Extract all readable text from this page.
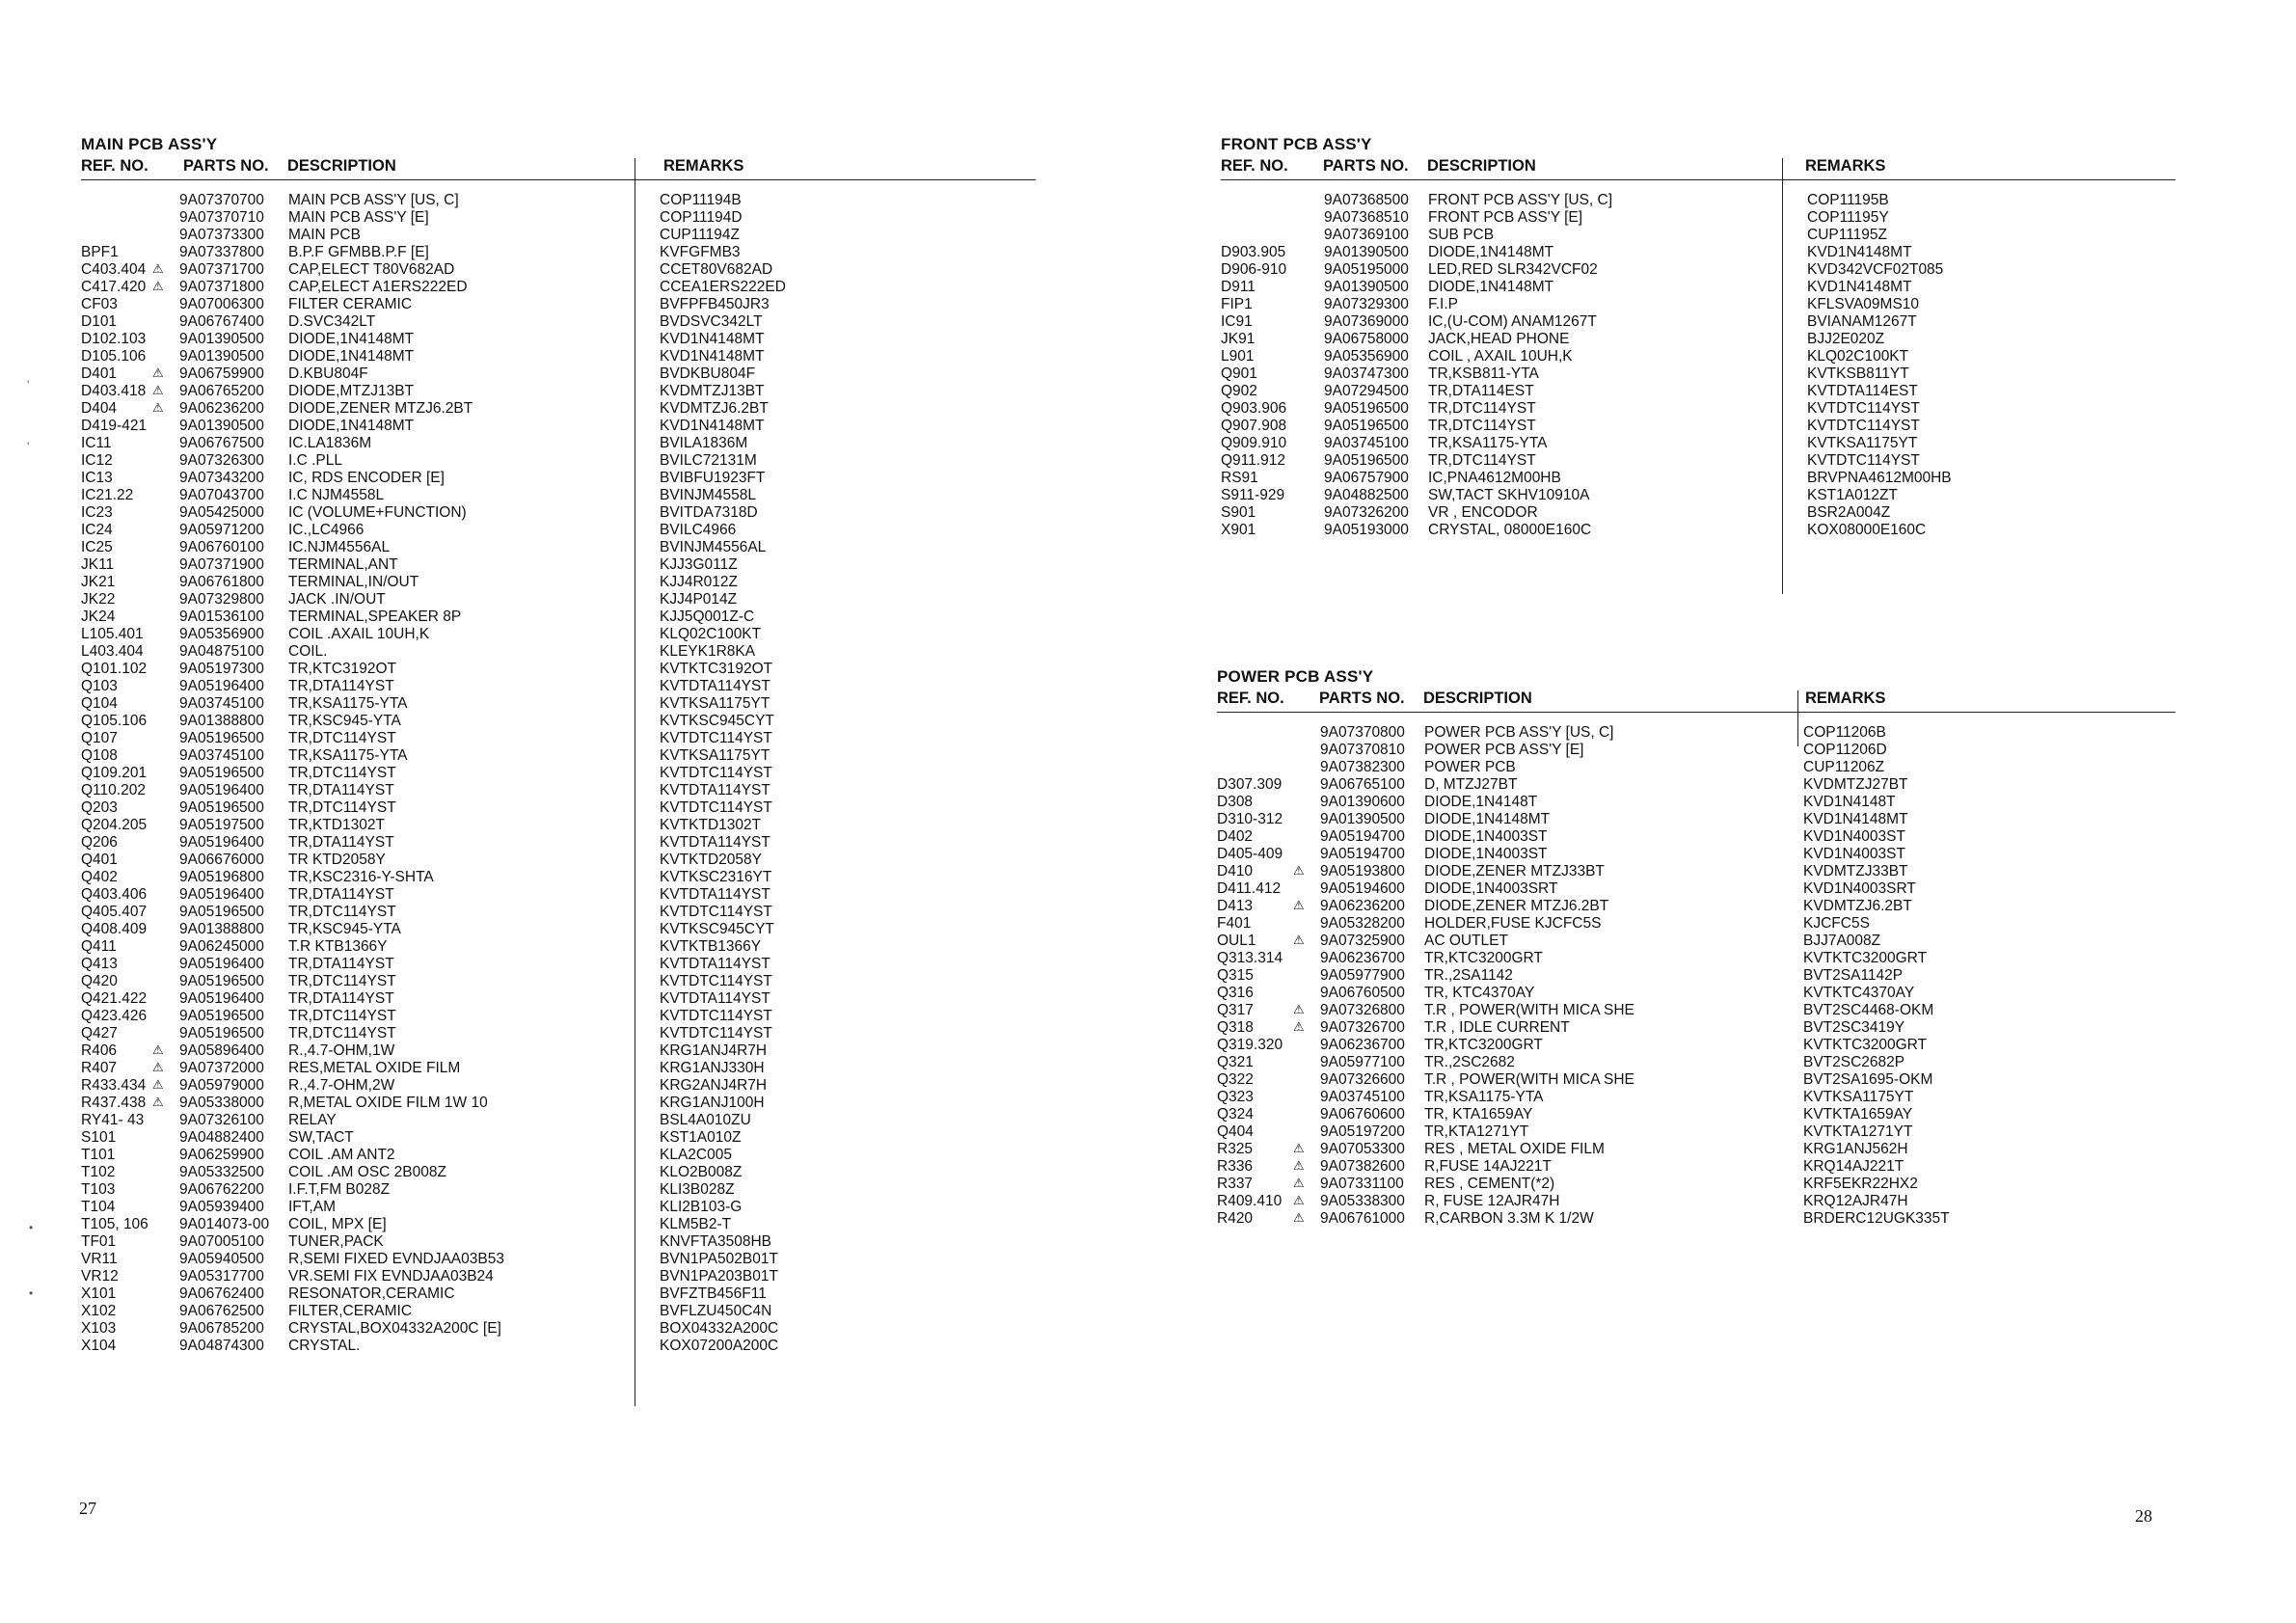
MAIN PCB ASS'Y
REF. NO. PARTS NO. DESCRIPTION	REMARKS
9A07370700 MAIN PCB ASS'Y [US, C]	COP11194B
9A07370710 MAIN PCB ASS'Y [E]	COP11194D
9A07373300 MAIN PCB	CUP11194Z
BPF1	9A07337800 B.P.F GFMBB.P.F [E]	KVFGFMB3
C403.404 ⚠ 9A07371700 CAP,ELECT T80V682AD	CCET80V682AD
C417.420 ⚠ 9A07371800 CAP,ELECT A1ERS222ED	CCEA1ERS222ED
CF03	9A07006300 FILTER CERAMIC	BVFPFB450JR3
D101	9A06767400 D.SVC342LT	BVDSVC342LT
D102.103 9A01390500 DIODE,1N4148MT	KVD1N4148MT
D105.106 9A01390500 DIODE,1N4148MT	KVD1N4148MT
D401	⚠ 9A06759900 D.KBU804F	BVDKBU804F
D403.418 ⚠ 9A06765200 DIODE,MTZJ13BT	KVDMTZJ13BT
D404	⚠ 9A06236200 DIODE,ZENER MTZJ6.2BT	KVDMTZJ6.2BT
D419-421 9A01390500 DIODE,1N4148MT	KVD1N4148MT
IC11	9A06767500 IC.LA1836M	BVILA1836M
IC12	9A07326300 I.C .PLL	BVILC72131M
IC13	9A07343200 IC, RDS ENCODER [E]	BVIBFU1923FT
IC21.22	9A07043700 I.C NJM4558L	BVINJM4558L
IC23	9A05425000 IC (VOLUME+FUNCTION)	BVITDA7318D
IC24	9A05971200 IC.,LC4966	BVILC4966
IC25	9A06760100 IC.NJM4556AL	BVINJM4556AL
JK11	9A07371900 TERMINAL,ANT	KJJ3G011Z
JK21	9A06761800 TERMINAL,IN/OUT	KJJ4R012Z
JK22	9A07329800 JACK .IN/OUT	KJJ4P014Z
JK24	9A01536100 TERMINAL,SPEAKER 8P	KJJ5Q001Z-C
L105.401 9A05356900 COIL .AXAIL 10UH,K	KLQ02C100KT
L403.404 9A04875100 COIL.	KLEYK1R8KA
Q101.102 9A05197300 TR,KTC3192OT	KVTKTC3192OT
Q103	9A05196400 TR,DTA114YST	KVTDTA114YST
Q104	9A03745100 TR,KSA1175-YTA	KVTKSA1175YT
Q105.106 9A01388800 TR,KSC945-YTA	KVTKSC945CYT
Q107	9A05196500 TR,DTC114YST	KVTDTC114YST
Q108	9A03745100 TR,KSA1175-YTA	KVTKSA1175YT
Q109.201 9A05196500 TR,DTC114YST	KVTDTC114YST
Q110.202 9A05196400 TR,DTA114YST	KVTDTA114YST
Q203	9A05196500 TR,DTC114YST	KVTDTC114YST
Q204.205 9A05197500 TR,KTD1302T	KVTKTD1302T
Q206	9A05196400 TR,DTA114YST	KVTDTA114YST
Q401	9A06676000 TR KTD2058Y	KVTKTD2058Y
Q402	9A05196800 TR,KSC2316-Y-SHTA	KVTKSC2316YT
Q403.406 9A05196400 TR,DTA114YST	KVTDTA114YST
Q405.407 9A05196500 TR,DTC114YST	KVTDTC114YST
Q408.409 9A01388800 TR,KSC945-YTA	KVTKSC945CYT
Q411	9A06245000 T.R KTB1366Y	KVTKTB1366Y
Q413	9A05196400 TR,DTA114YST	KVTDTA114YST
Q420	9A05196500 TR,DTC114YST	KVTDTC114YST
Q421.422 9A05196400 TR,DTA114YST	KVTDTA114YST
Q423.426 9A05196500 TR,DTC114YST	KVTDTC114YST
Q427	9A05196500 TR,DTC114YST	KVTDTC114YST
R406	⚠ 9A05896400 R.,4.7-OHM,1W	KRG1ANJ4R7H
R407	⚠ 9A07372000 RES,METAL OXIDE FILM	KRG1ANJ330H
R433.434 ⚠ 9A05979000 R.,4.7-OHM,2W	KRG2ANJ4R7H
R437.438 ⚠ 9A05338000 R,METAL OXIDE FILM 1W 10	KRG1ANJ100H
RY41- 43 9A07326100 RELAY	BSL4A010ZU
S101	9A04882400 SW,TACT	KST1A010Z
T101	9A06259900 COIL .AM ANT2	KLA2C005
T102	9A05332500 COIL .AM OSC 2B008Z	KLO2B008Z
T103	9A06762200 I.F.T,FM B028Z	KLI3B028Z
T104	9A05939400 IFT,AM	KLI2B103-G
T105, 106 9A014073-00 COIL, MPX [E]	KLM5B2-T
TF01	9A07005100 TUNER,PACK	KNVFTA3508HB
VR11	9A05940500 R,SEMI FIXED EVNDJAA03B53	BVN1PA502B01T
VR12	9A05317700 VR.SEMI FIX EVNDJAA03B24	BVN1PA203B01T
X101	9A06762400 RESONATOR,CERAMIC	BVFZTB456F11
X102	9A06762500 FILTER,CERAMIC	BVFLZU450C4N
X103	9A06785200 CRYSTAL,BOX04332A200C [E]	BOX04332A200C
X104	9A04874300 CRYSTAL.	KOX07200A200C
FRONT PCB ASS'Y
REF. NO. PARTS NO. DESCRIPTION	REMARKS
9A07368500 FRONT PCB ASS'Y [US, C]	COP11195B
9A07368510 FRONT PCB ASS'Y [E]	COP11195Y
9A07369100 SUB PCB	CUP11195Z
D903.905	9A01390500 DIODE,1N4148MT	KVD1N4148MT
D906-910	9A05195000 LED,RED SLR342VCF02	KVD342VCF02T085
D911	9A01390500 DIODE,1N4148MT	KVD1N4148MT
FIP1	9A07329300 F.I.P	KFLSVA09MS10
IC91	9A07369000 IC,(U-COM) ANAM1267T	BVIANAM1267T
JK91	9A06758000 JACK,HEAD PHONE	BJJ2E020Z
L901	9A05356900 COIL , AXAIL 10UH,K	KLQ02C100KT
Q901	9A03747300 TR,KSB811-YTA	KVTKSB811YT
Q902	9A07294500 TR,DTA114EST	KVTDTA114EST
Q903.906	9A05196500 TR,DTC114YST	KVTDTC114YST
Q907.908	9A05196500 TR,DTC114YST	KVTDTC114YST
Q909.910	9A03745100 TR,KSA1175-YTA	KVTKSA1175YT
Q911.912	9A05196500 TR,DTC114YST	KVTDTC114YST
RS91	9A06757900 IC,PNA4612M00HB	BRVPNA4612M00HB
S911-929	9A04882500 SW,TACT SKHV10910A	KST1A012ZT
S901	9A07326200 VR , ENCODOR	BSR2A004Z
X901	9A05193000 CRYSTAL, 08000E160C	KOX08000E160C
POWER PCB ASS'Y
REF. NO. PARTS NO. DESCRIPTION	REMARKS
9A07370800 POWER PCB ASS'Y [US, C]	COP11206B
9A07370810 POWER PCB ASS'Y [E]	COP11206D
9A07382300 POWER PCB	CUP11206Z
D307.309	9A06765100 D, MTZJ27BT	KVDMTZJ27BT
D308	9A01390600 DIODE,1N4148T	KVD1N4148T
D310-312	9A01390500 DIODE,1N4148MT	KVD1N4148MT
D402	9A05194700 DIODE,1N4003ST	KVD1N4003ST
D405-409	9A05194700 DIODE,1N4003ST	KVD1N4003ST
D410	⚠ 9A05193800 DIODE,ZENER MTZJ33BT	KVDMTZJ33BT
D411.412	9A05194600 DIODE,1N4003SRT	KVD1N4003SRT
D413	⚠ 9A06236200 DIODE,ZENER MTZJ6.2BT	KVDMTZJ6.2BT
F401	9A05328200 HOLDER,FUSE KJCFC5S	KJCFC5S
OUL1	⚠ 9A07325900 AC OUTLET	BJJ7A008Z
Q313.314	9A06236700 TR,KTC3200GRT	KVTKTC3200GRT
Q315	9A05977900 TR.,2SA1142	BVT2SA1142P
Q316	9A06760500 TR, KTC4370AY	KVTKTC4370AY
Q317	⚠ 9A07326800 T.R , POWER(WITH MICA SHE	BVT2SC4468-OKM
Q318	⚠ 9A07326700 T.R , IDLE CURRENT	BVT2SC3419Y
Q319.320	9A06236700 TR,KTC3200GRT	KVTKTC3200GRT
Q321	9A05977100 TR.,2SC2682	BVT2SC2682P
Q322	9A07326600 T.R , POWER(WITH MICA SHE	BVT2SA1695-OKM
Q323	9A03745100 TR,KSA1175-YTA	KVTKSA1175YT
Q324	9A06760600 TR, KTA1659AY	KVTKTA1659AY
Q404	9A05197200 TR,KTA1271YT	KVTKTA1271YT
R325	⚠ 9A07053300 RES , METAL OXIDE FILM	KRG1ANJ562H
R336	⚠ 9A07382600 R,FUSE 14AJ221T	KRQ14AJ221T
R337	⚠ 9A07331100 RES , CEMENT(*2)	KRF5EKR22HX2
R409.410 ⚠ 9A05338300 R, FUSE 12AJR47H	KRQ12AJR47H
R420	⚠ 9A06761000 R,CARBON 3.3M K 1/2W	BRDERC12UGK335T
27	28
'
'
•
•
